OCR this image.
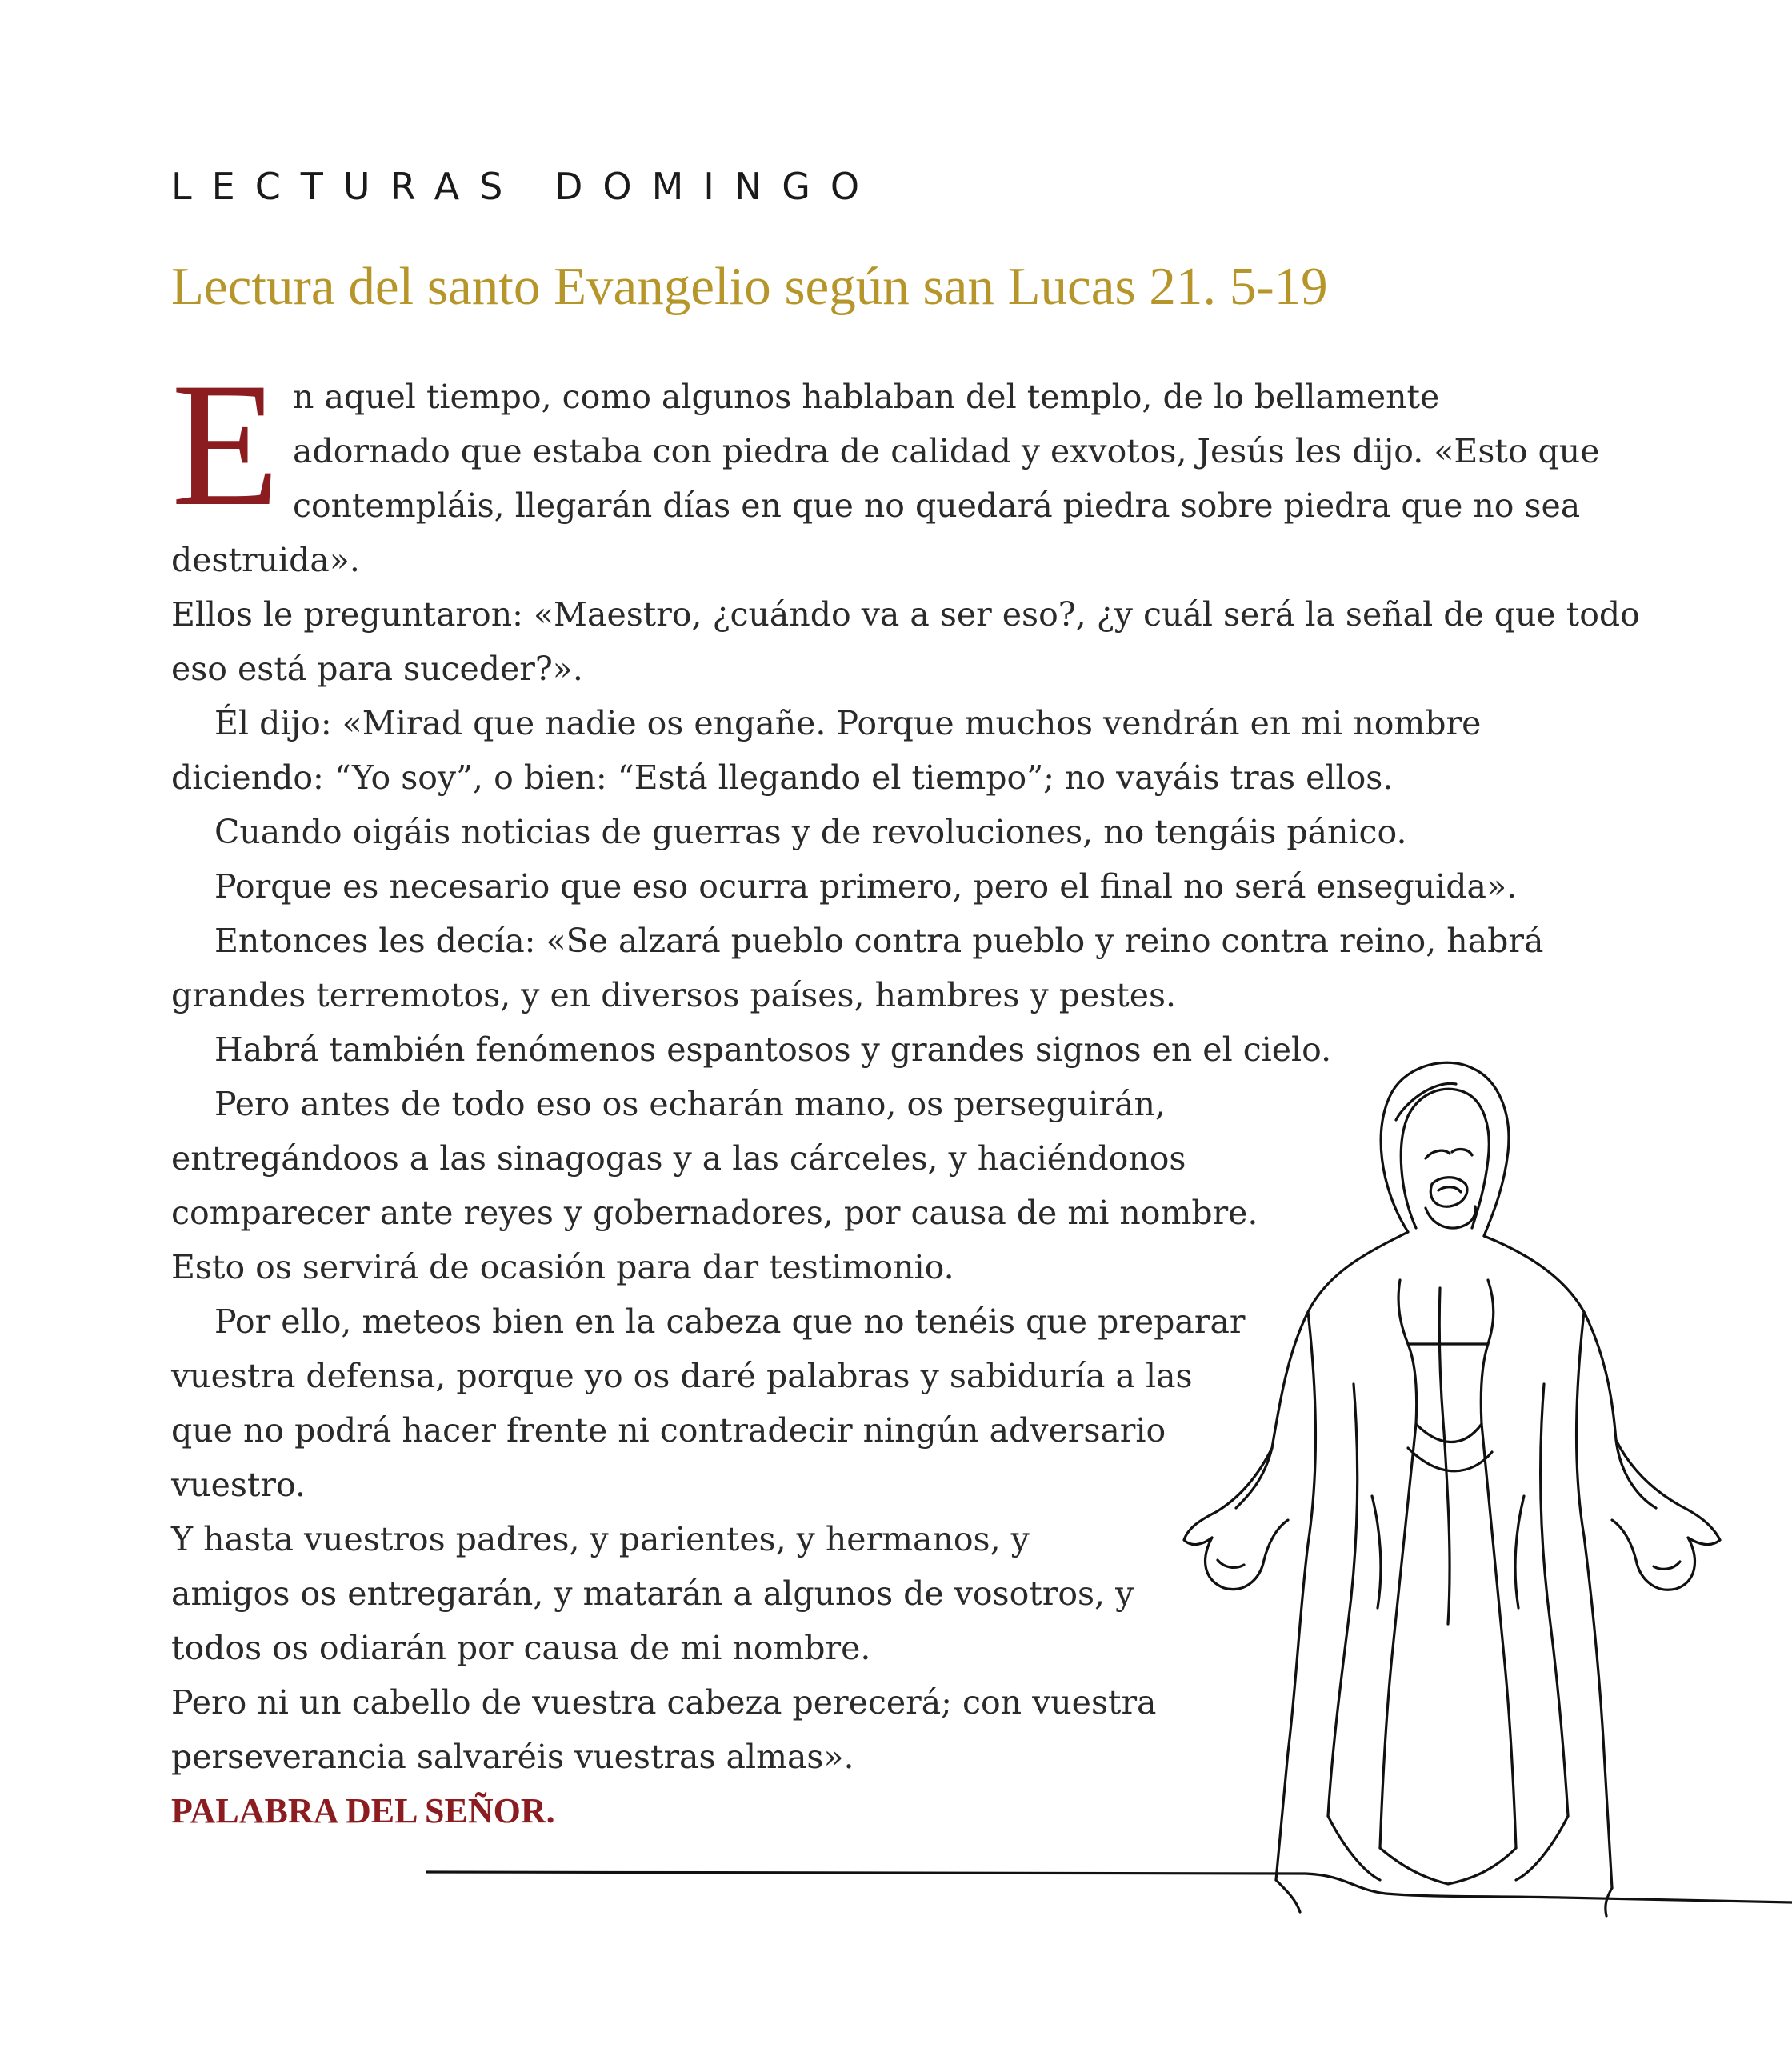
LECTURAS DOMINGO
Lectura del santo Evangelio según san Lucas 21. 5-19
E n aquel tiempo, como algunos hablaban del templo, de lo bellamente
adornado que estaba con piedra de calidad y exvotos, Jesús les dijo. «Esto que
contempláis, llegarán días en que no quedará piedra sobre piedra que no sea
destruida».
Ellos le preguntaron: «Maestro, ¿cuándo va a ser eso?, ¿y cuál será la señal de que todo
eso está para suceder?».
Él dijo: «Mirad que nadie os engañe. Porque muchos vendrán en mi nombre
diciendo: “Yo soy”, o bien: “Está llegando el tiempo”; no vayáis tras ellos.
Cuando oigáis noticias de guerras y de revoluciones, no tengáis pánico.
Porque es necesario que eso ocurra primero, pero el final no será enseguida».
Entonces les decía: «Se alzará pueblo contra pueblo y reino contra reino, habrá
grandes terremotos, y en diversos países, hambres y pestes.
Habrá también fenómenos espantosos y grandes signos en el cielo.
Pero antes de todo eso os echarán mano, os perseguirán,
entregándoos a las sinagogas y a las cárceles, y haciéndonos
comparecer ante reyes y gobernadores, por causa de mi nombre.
Esto os servirá de ocasión para dar testimonio.
Por ello, meteos bien en la cabeza que no tenéis que preparar
vuestra defensa, porque yo os daré palabras y sabiduría a las
que no podrá hacer frente ni contradecir ningún adversario
vuestro.
Y hasta vuestros padres, y parientes, y hermanos, y
amigos os entregarán, y matarán a algunos de vosotros, y
todos os odiarán por causa de mi nombre.
Pero ni un cabello de vuestra cabeza perecerá; con vuestra
perseverancia salvaréis vuestras almas».
PALABRA DEL SEÑOR.
